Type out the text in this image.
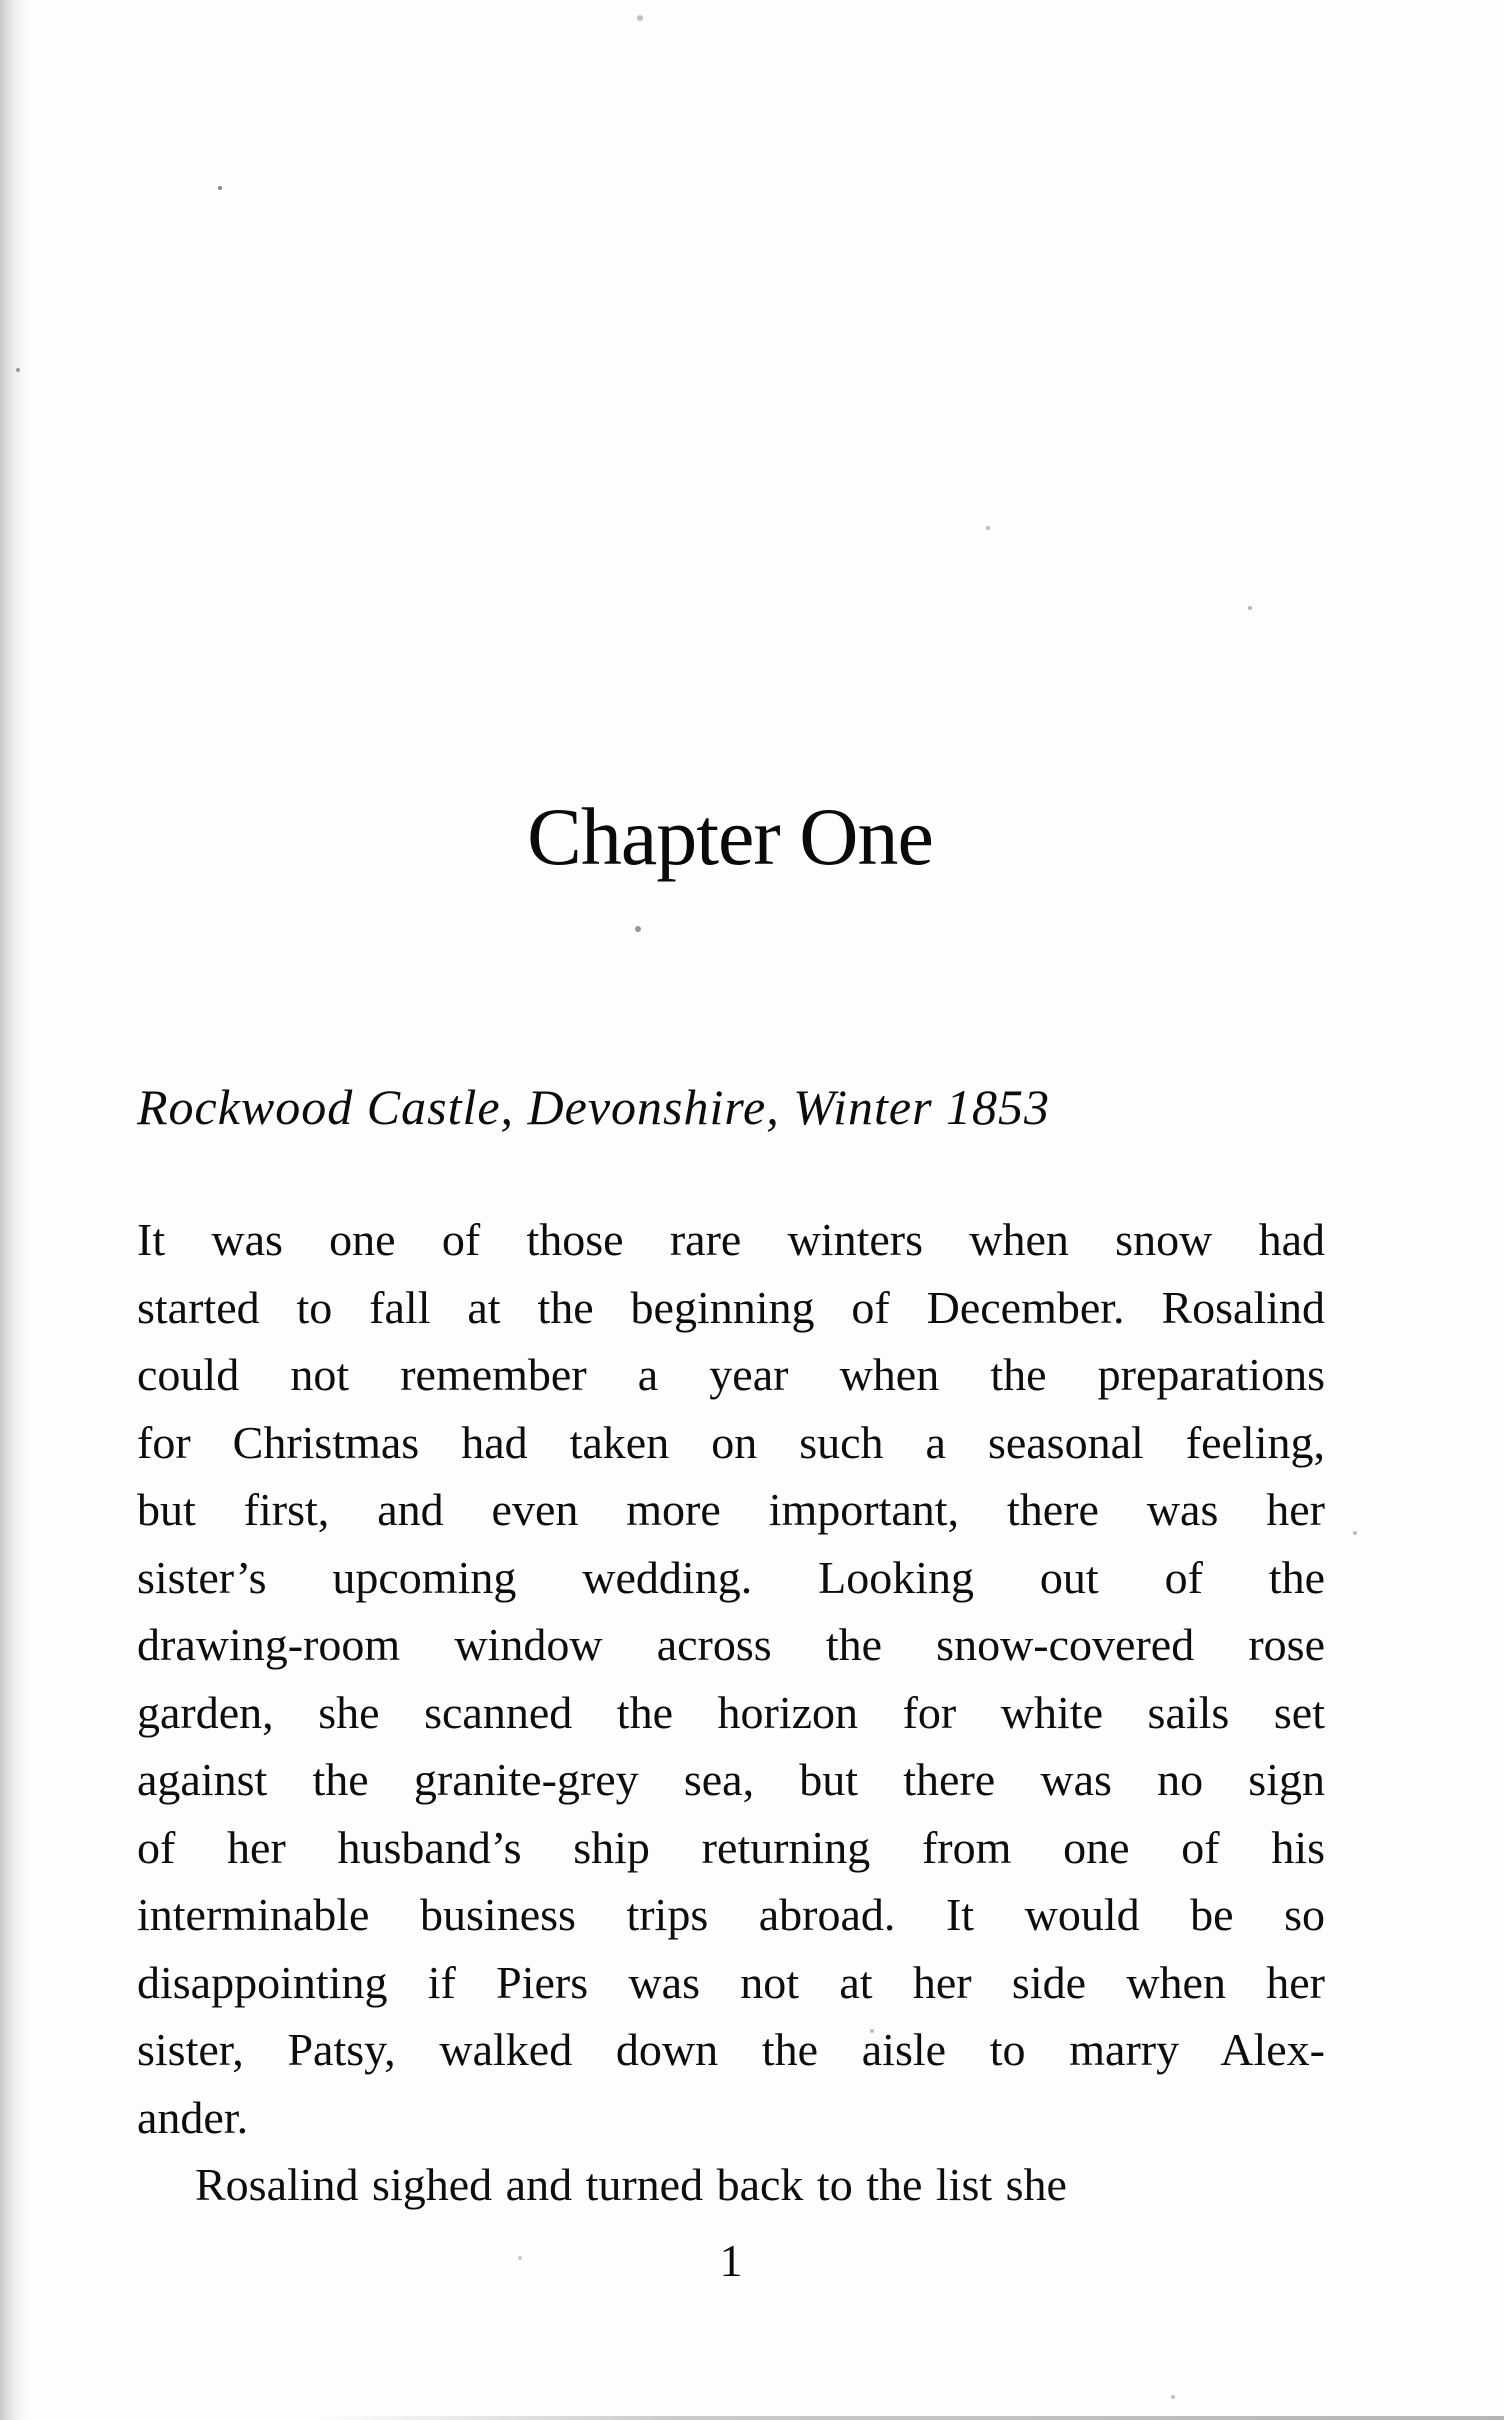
Chapter One
Rockwood Castle, Devonshire, Winter 1853
It was one of those rare winters when snow had
started to fall at the beginning of December. Rosalind
could not remember a year when the preparations
for Christmas had taken on such a seasonal feeling,
but first, and even more important, there was her
sister’s upcoming wedding. Looking out of the
drawing-room window across the snow-covered rose
garden, she scanned the horizon for white sails set
against the granite-grey sea, but there was no sign
of her husband’s ship returning from one of his
interminable business trips abroad. It would be so
disappointing if Piers was not at her side when her
sister, Patsy, walked down the aisle to marry Alex-
ander.
Rosalind sighed and turned back to the list she
1
